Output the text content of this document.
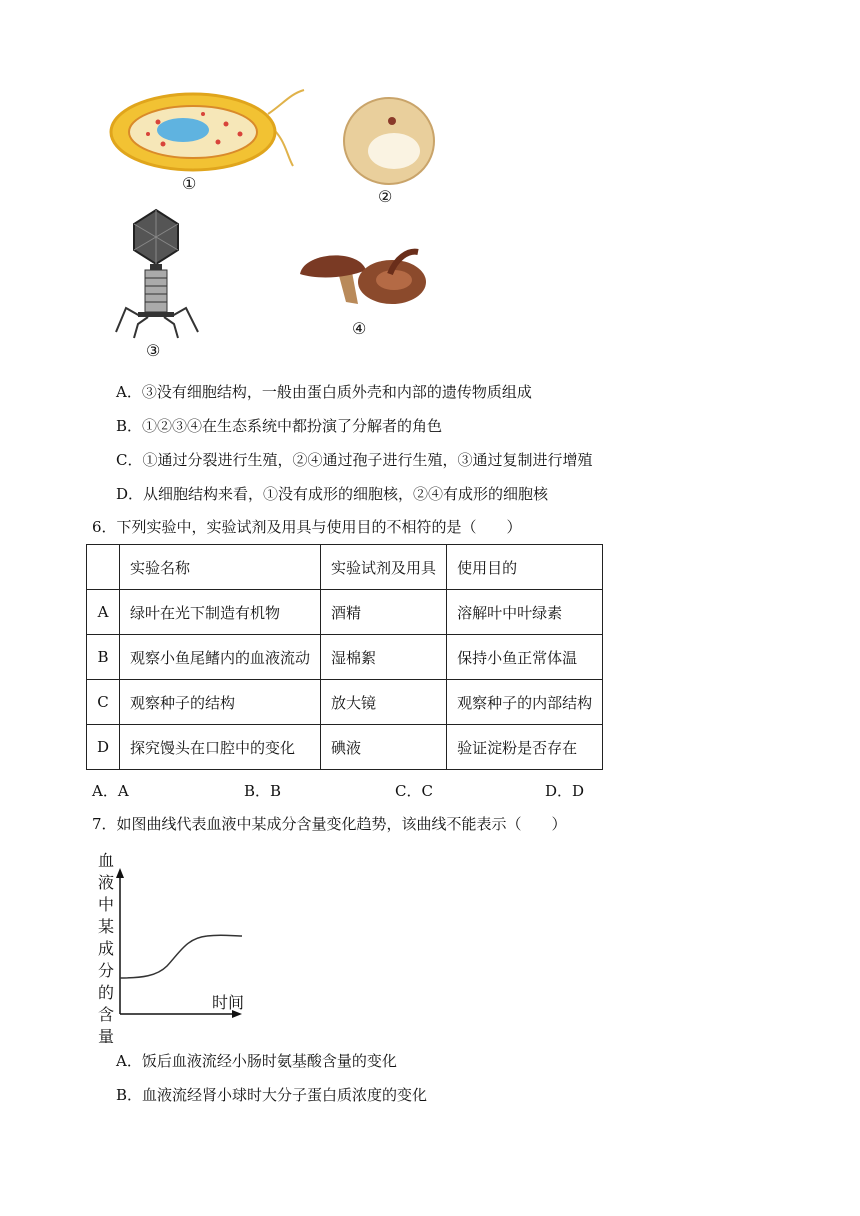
①
②
③
④
A．③没有细胞结构，一般由蛋白质外壳和内部的遗传物质组成
B．①②③④在生态系统中都扮演了分解者的角色
C．①通过分裂进行生殖，②④通过孢子进行生殖，③通过复制进行增殖
D．从细胞结构来看，①没有成形的细胞核，②④有成形的细胞核
6．下列实验中，实验试剂及用具与使用目的不相符的是（　　）
	实验名称	实验试剂及用具	使用目的
A	绿叶在光下制造有机物	酒精	溶解叶中叶绿素
B	观察小鱼尾鳍内的血液流动	湿棉絮	保持小鱼正常体温
C	观察种子的结构	放大镜	观察种子的内部结构
D	探究馒头在口腔中的变化	碘液	验证淀粉是否存在
A．A	B．B	C．C	D．D
7．如图曲线代表血液中某成分含量变化趋势，该曲线不能表示（　　）
血
液
中
某
成
分
的
含
量
时间
A．饭后血液流经小肠时氨基酸含量的变化
B．血液流经肾小球时大分子蛋白质浓度的变化
